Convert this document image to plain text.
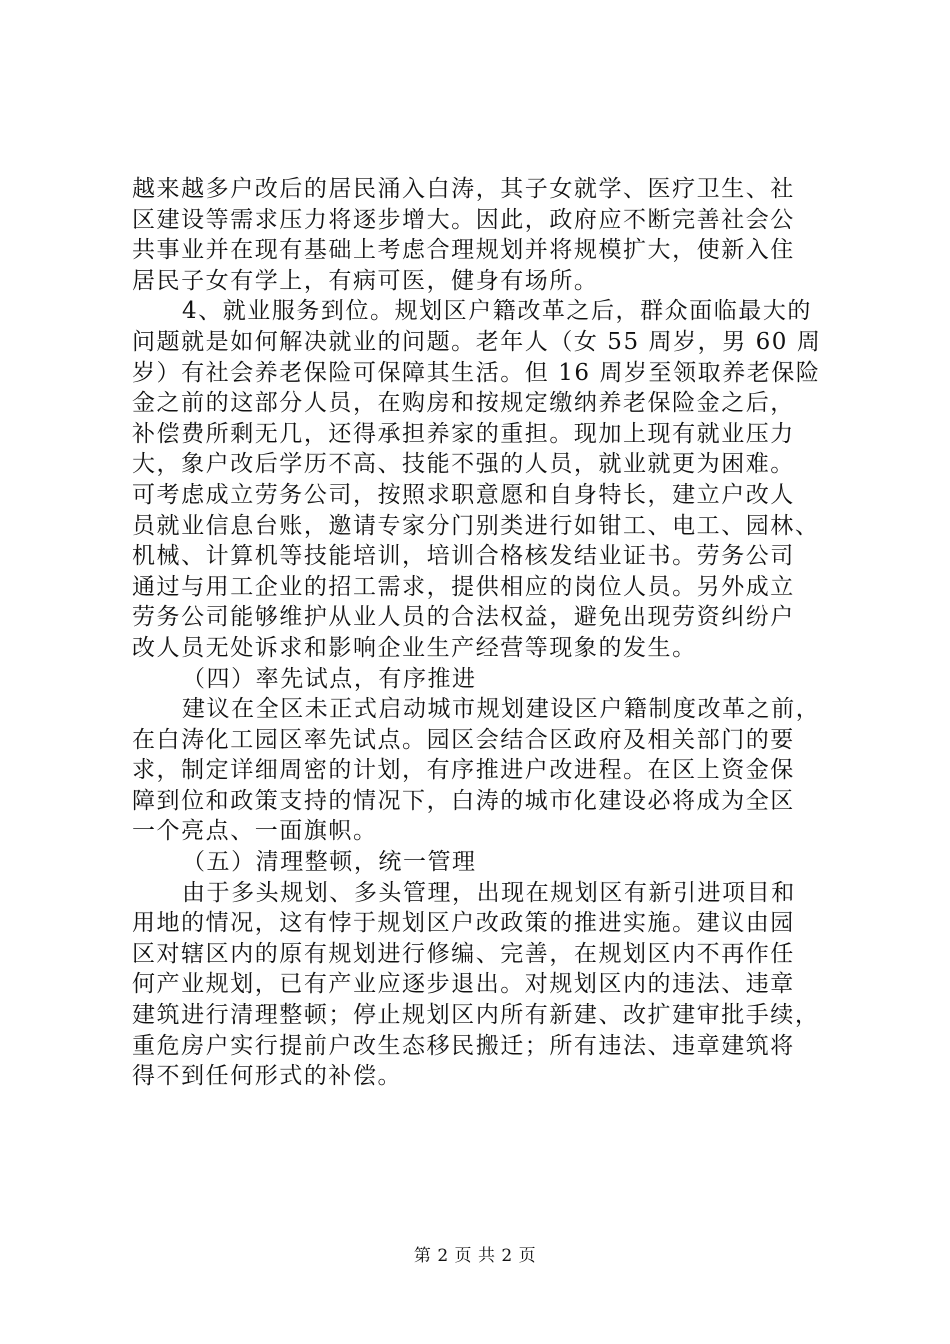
越来越多户改后的居民涌入白涛，其子女就学、医疗卫生、社
区建设等需求压力将逐步增大。因此，政府应不断完善社会公
共事业并在现有基础上考虑合理规划并将规模扩大，使新入住
居民子女有学上，有病可医，健身有场所。
4、就业服务到位。规划区户籍改革之后，群众面临最大的
问题就是如何解决就业的问题。老年人（女 55 周岁，男 60 周
岁）有社会养老保险可保障其生活。但 16 周岁至领取养老保险
金之前的这部分人员，在购房和按规定缴纳养老保险金之后，
补偿费所剩无几，还得承担养家的重担。现加上现有就业压力
大，象户改后学历不高、技能不强的人员，就业就更为困难。
可考虑成立劳务公司，按照求职意愿和自身特长，建立户改人
员就业信息台账，邀请专家分门别类进行如钳工、电工、园林、
机械、计算机等技能培训，培训合格核发结业证书。劳务公司
通过与用工企业的招工需求，提供相应的岗位人员。另外成立
劳务公司能够维护从业人员的合法权益，避免出现劳资纠纷户
改人员无处诉求和影响企业生产经营等现象的发生。
（四）率先试点，有序推进
建议在全区未正式启动城市规划建设区户籍制度改革之前，
在白涛化工园区率先试点。园区会结合区政府及相关部门的要
求，制定详细周密的计划，有序推进户改进程。在区上资金保
障到位和政策支持的情况下，白涛的城市化建设必将成为全区
一个亮点、一面旗帜。
（五）清理整顿，统一管理
由于多头规划、多头管理，出现在规划区有新引进项目和
用地的情况，这有悖于规划区户改政策的推进实施。建议由园
区对辖区内的原有规划进行修编、完善，在规划区内不再作任
何产业规划，已有产业应逐步退出。对规划区内的违法、违章
建筑进行清理整顿；停止规划区内所有新建、改扩建审批手续，
重危房户实行提前户改生态移民搬迁；所有违法、违章建筑将
得不到任何形式的补偿。
第 2 页 共 2 页
